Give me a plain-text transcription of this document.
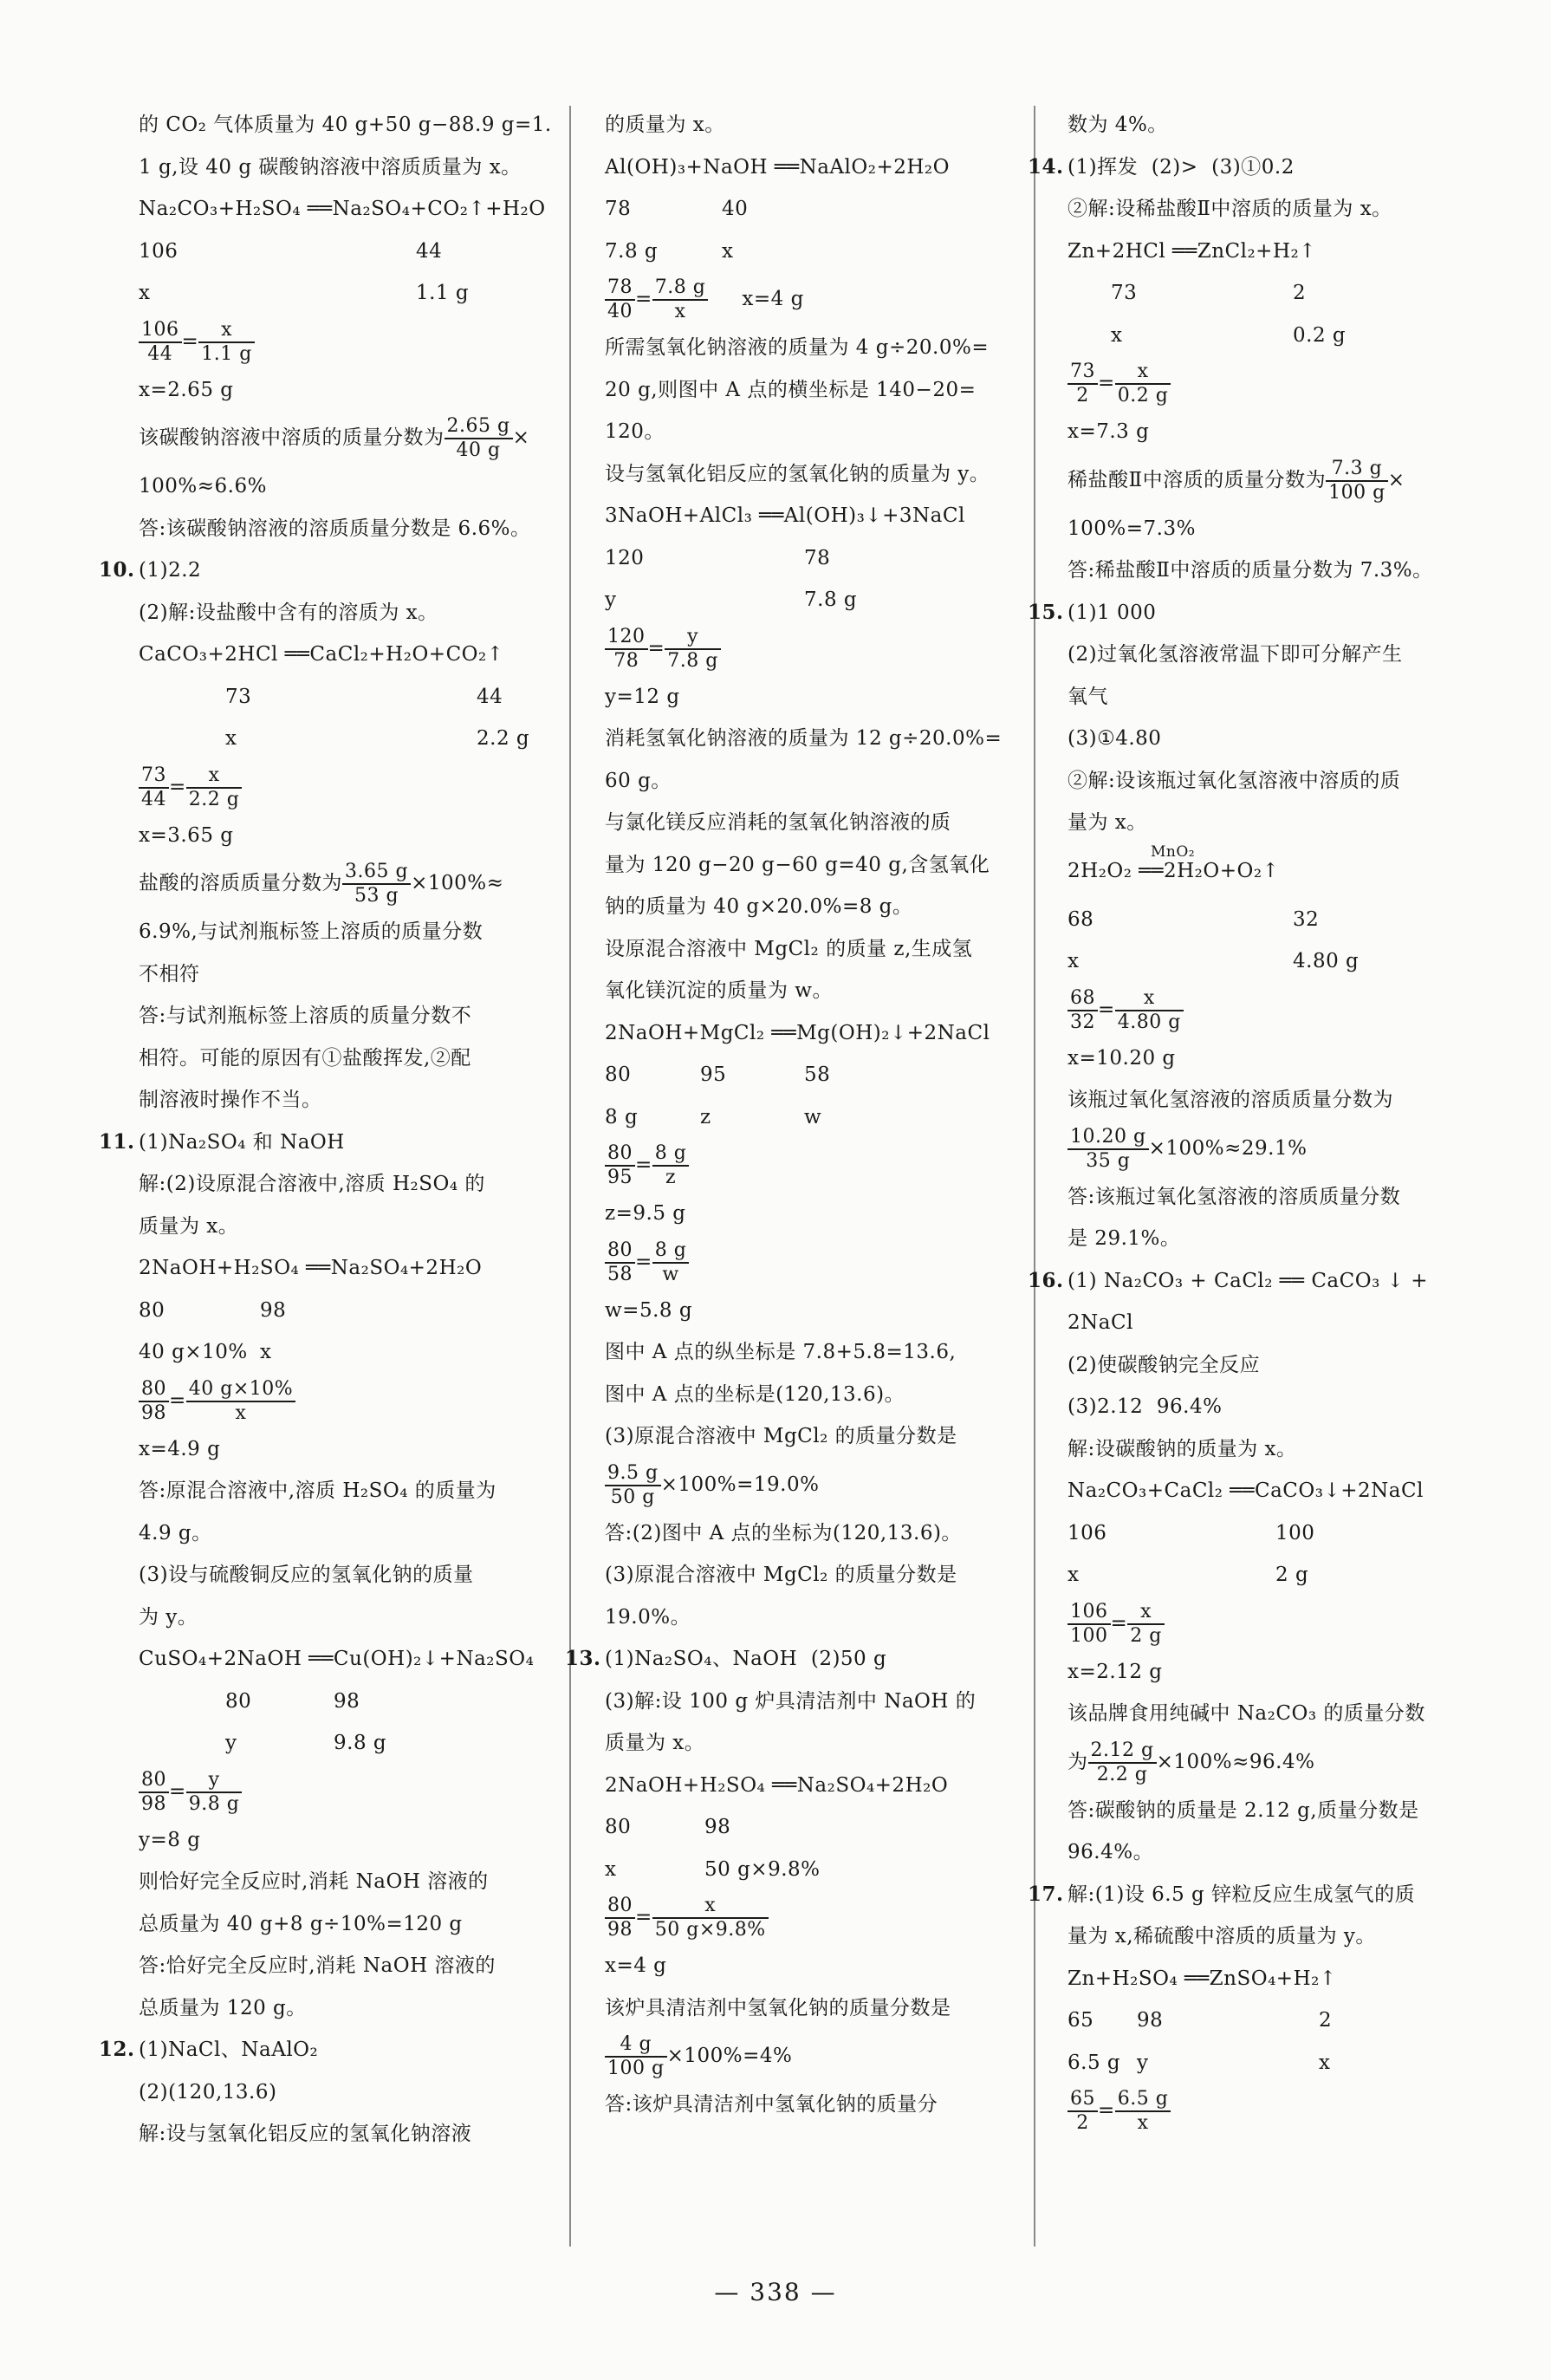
的 CO₂ 气体质量为 40 g+50 g−88.9 g=1.
1 g,设 40 g 碳酸钠溶液中溶质质量为 x。
Na₂CO₃+H₂SO₄ ══Na₂SO₄+CO₂↑+H₂O
106	44
x	1.1 g
$\frac{106}{44} = \frac{x}{1.1 g}$
x=2.65 g
该碳酸钠溶液中溶质的质量分数为 $\frac{2.65 g}{40 g}$ ×
100%≈6.6%
答:该碳酸钠溶液的溶质质量分数是 6.6%。
10. (1)2.2
(2)解:设盐酸中含有的溶质为 x。
CaCO₃+2HCl ══CaCl₂+H₂O+CO₂↑
73	44
x	2.2 g
$\frac{73}{44} = \frac{x}{2.2 g}$
x=3.65 g
盐酸的溶质质量分数为 $\frac{3.65 g}{53 g} \times 100\%\approx$
6.9%,与试剂瓶标签上溶质的质量分数
不相符
答:与试剂瓶标签上溶质的质量分数不
相符。可能的原因有①盐酸挥发,②配
制溶液时操作不当。
11. (1)Na₂SO₄ 和 NaOH
解:(2)设原混合溶液中,溶质 H₂SO₄ 的
质量为 x。
2NaOH+H₂SO₄ ══Na₂SO₄+2H₂O
80	98
40 g×10% x
$\frac{80}{98} = \frac{40 g\times 10\%}{x}$
x=4.9 g
答:原混合溶液中,溶质 H₂SO₄ 的质量为
4.9 g。
(3)设与硫酸铜反应的氢氧化钠的质量
为 y。
CuSO₄+2NaOH ══Cu(OH)₂↓+Na₂SO₄
80	98
y	9.8 g
$\frac{80}{98} = \frac{y}{9.8 g}$
y=8 g
则恰好完全反应时,消耗 NaOH 溶液的
总质量为 40 g+8 g÷10%=120 g
答:恰好完全反应时,消耗 NaOH 溶液的
总质量为 120 g。
12. (1)NaCl、NaAlO₂
(2)(120,13.6)
解:设与氢氧化铝反应的氢氧化钠溶液
的质量为 x。
Al(OH)₃+NaOH ══NaAlO₂+2H₂O
78	40
7.8 g	x
$\frac{78}{40} = \frac{7.8 g}{x} x=4$ g
所需氢氧化钠溶液的质量为 4 g÷20.0%=
20 g,则图中 A 点的横坐标是 140−20=
120。
设与氢氧化铝反应的氢氧化钠的质量为 y。
3NaOH+AlCl₃ ══Al(OH)₃↓+3NaCl
120	78
y	7.8 g
$\frac{120}{78} = \frac{y}{7.8 g}$
y=12 g
消耗氢氧化钠溶液的质量为 12 g÷20.0%=
60 g。
与氯化镁反应消耗的氢氧化钠溶液的质
量为 120 g−20 g−60 g=40 g,含氢氧化
钠的质量为 40 g×20.0%=8 g。
设原混合溶液中 MgCl₂ 的质量 z,生成氢
氧化镁沉淀的质量为 w。
2NaOH+MgCl₂ ══Mg(OH)₂↓+2NaCl
80	95	58
8 g	z	w
$\frac{80}{95} = \frac{8 g}{z}$
z=9.5 g
$\frac{80}{58} = \frac{8 g}{w}$
w=5.8 g
图中 A 点的纵坐标是 7.8+5.8=13.6,
图中 A 点的坐标是(120,13.6)。
(3)原混合溶液中 MgCl₂ 的质量分数是
$\frac{9.5 g}{50 g} \times 100\%=19.0\%$
答:(2)图中 A 点的坐标为(120,13.6)。
(3)原混合溶液中 MgCl₂ 的质量分数是
19.0%。
13. (1)Na₂SO₄、NaOH  (2)50 g
(3)解:设 100 g 炉具清洁剂中 NaOH 的
质量为 x。
2NaOH+H₂SO₄ ══Na₂SO₄+2H₂O
80	98
x	50 g×9.8%
$\frac{80}{98} = \frac{x}{50 g\times 9.8\%}$
x=4 g
该炉具清洁剂中氢氧化钠的质量分数是
$\frac{4 g}{100 g} \times 100\%=4\%$
答:该炉具清洁剂中氢氧化钠的质量分
数为 4%。
14. (1)挥发  (2)>  (3)①0.2
②解:设稀盐酸Ⅱ中溶质的质量为 x。
Zn+2HCl ══ZnCl₂+H₂↑
73	2
x	0.2 g
$\frac{73}{2} = \frac{x}{0.2 g}$
x=7.3 g
稀盐酸Ⅱ中溶质的质量分数为 $\frac{7.3 g}{100 g}$ ×
100%=7.3%
答:稀盐酸Ⅱ中溶质的质量分数为 7.3%。
15. (1)1 000
(2)过氧化氢溶液常温下即可分解产生
氧气
(3)①4.80
②解:设该瓶过氧化氢溶液中溶质的质
量为 x。
2H₂O₂ ══2H₂O+O₂↑
MnO₂
68	32
x	4.80 g
$\frac{68}{32} = \frac{x}{4.80 g}$
x=10.20 g
该瓶过氧化氢溶液的溶质质量分数为
$\frac{10.20 g}{35 g} \times 100\%\approx 29.1\%$
答:该瓶过氧化氢溶液的溶质质量分数
是 29.1%。
16. (1) Na₂CO₃ + CaCl₂ ══ CaCO₃ ↓ +
2NaCl
(2)使碳酸钠完全反应
(3)2.12  96.4%
解:设碳酸钠的质量为 x。
Na₂CO₃+CaCl₂ ══CaCO₃↓+2NaCl
106	100
x	2 g
$\frac{106}{100} = \frac{x}{2 g}$
x=2.12 g
该品牌食用纯碱中 Na₂CO₃ 的质量分数
为 $\frac{2.12 g}{2.2 g} \times 100\%\approx 96.4\%$
答:碳酸钠的质量是 2.12 g,质量分数是
96.4%。
17. 解:(1)设 6.5 g 锌粒反应生成氢气的质
量为 x,稀硫酸中溶质的质量为 y。
Zn+H₂SO₄ ══ZnSO₄+H₂↑
65 98	2
6.5 g y	x
$\frac{65}{2} = \frac{6.5 g}{x}$
— 338 —
